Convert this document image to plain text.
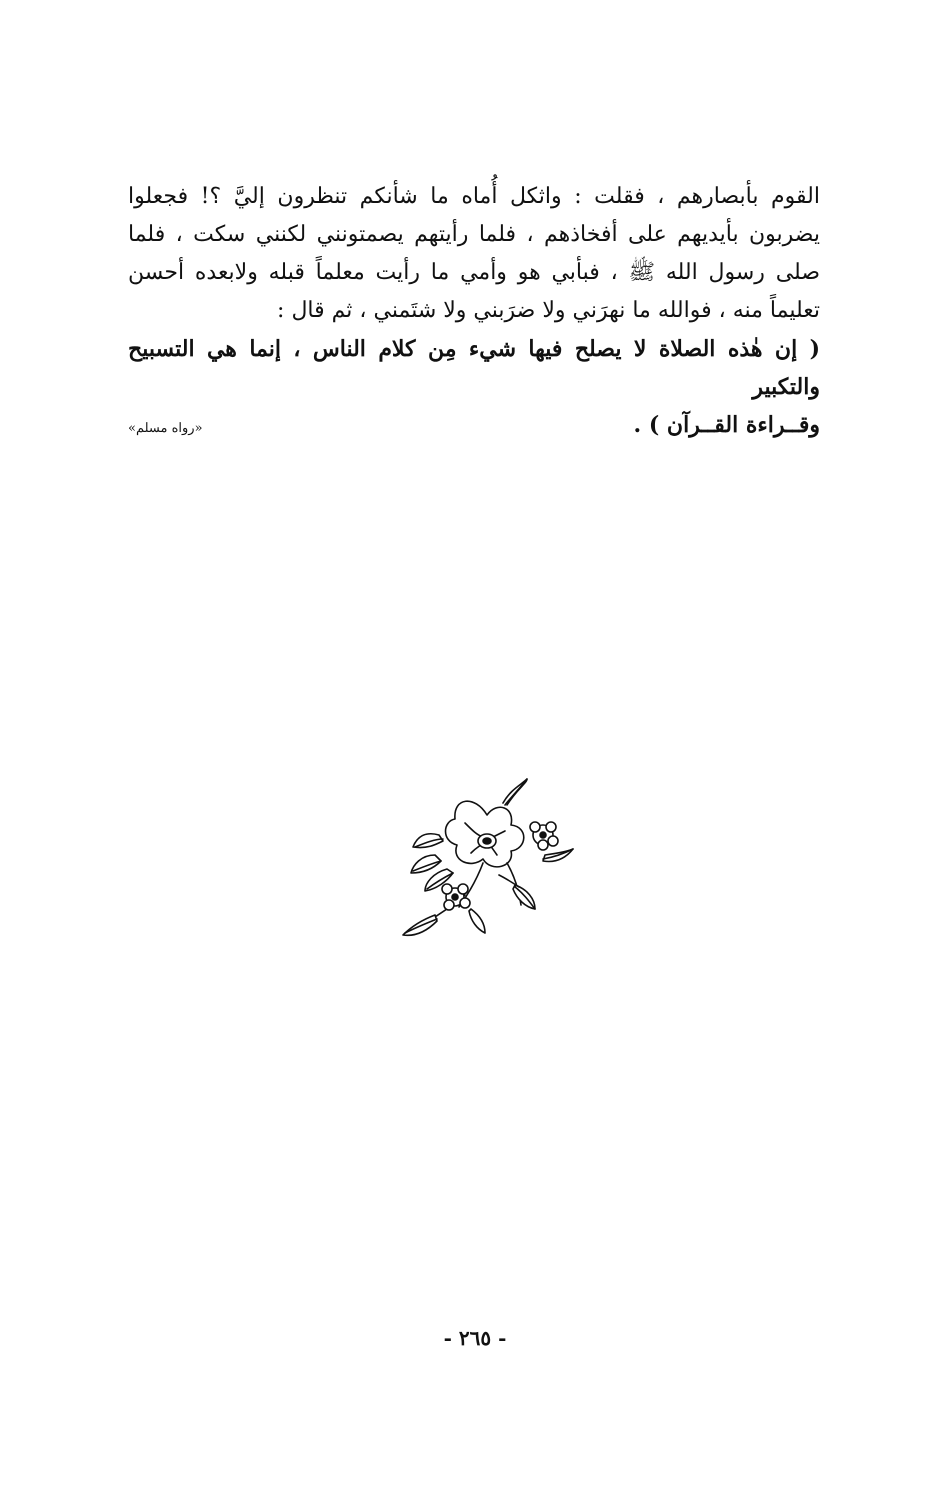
القوم بأبصارهم ، فقلت : واثكل أُماه ما شأنكم تنظرون إليَّ ؟! فجعلوا يضربون بأيديهم على أفخاذهم ، فلما رأيتهم يصمتونني لكنني سكت ، فلما صلى رسول الله ﷺ ، فبأبي هو وأمي ما رأيت معلماً قبله ولابعده أحسن تعليماً منه ، فوالله ما نهرَني ولا ضرَبني ولا شتَمني ، ثم قال :

( إن هٰذه الصلاة لا يصلح فيها شيء مِن كلام الناس ، إنما هي التسبيح والتكبير

وقــراءة القــرآن ) .
«رواه مسلم»
- ٢٦٥ -
